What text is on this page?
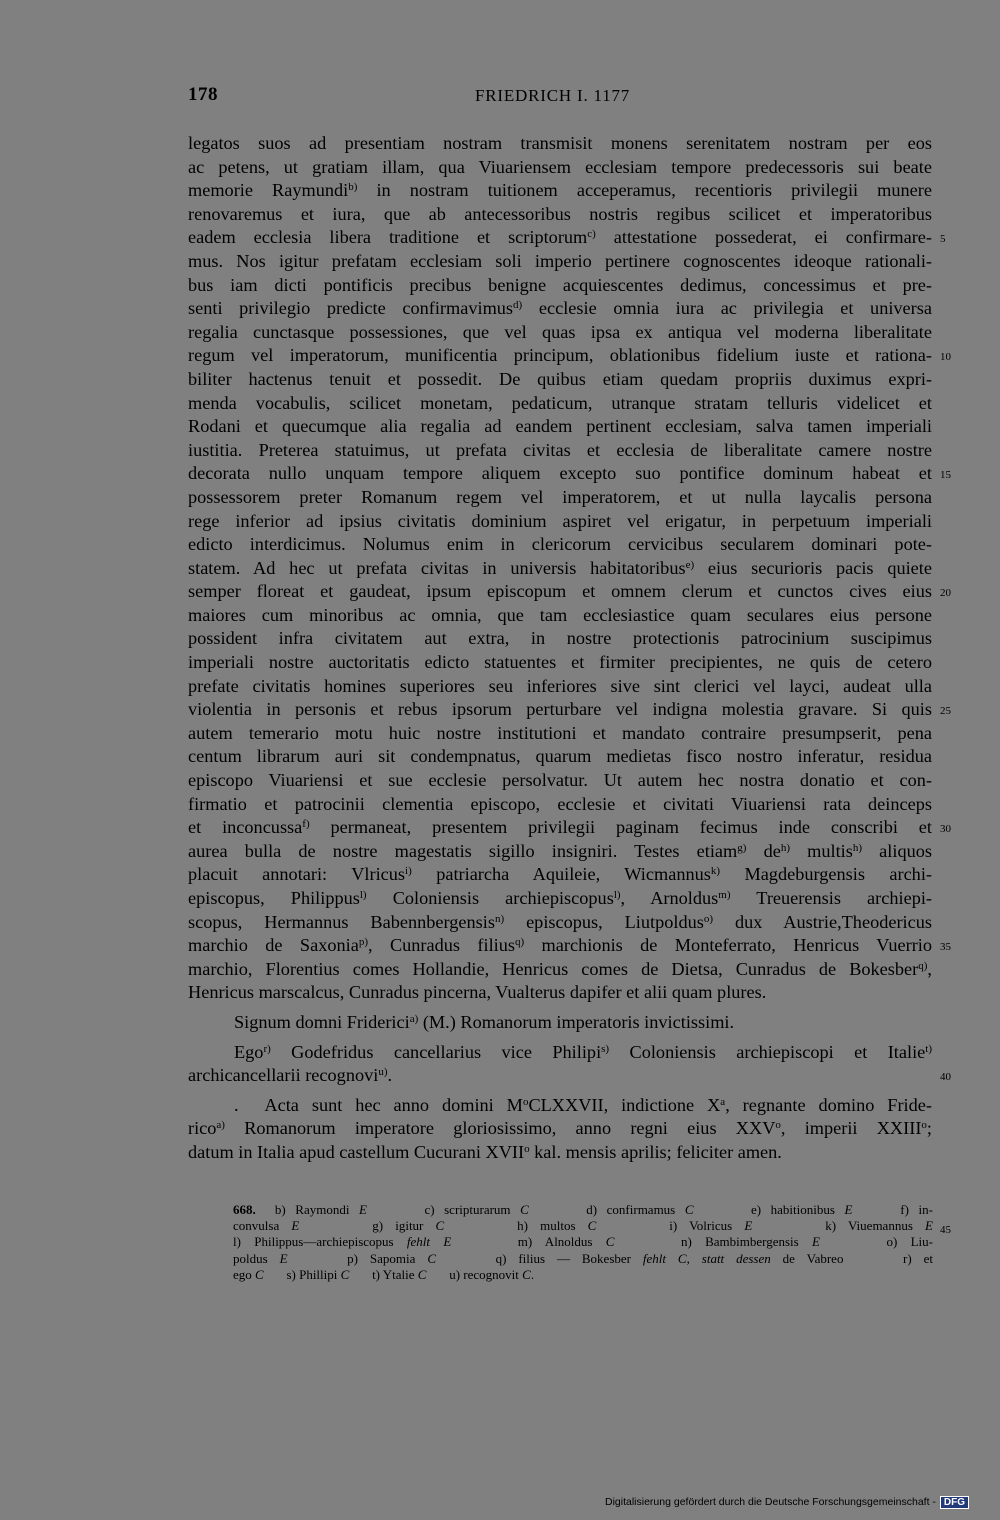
178	FRIEDRICH I. 1177
legatos suos ad presentiam nostram transmisit monens serenitatem nostram per eos
ac petens, ut gratiam illam, qua Viuariensem ecclesiam tempore predecessoris sui beate
memorie Raymundi$^{b)}$ in nostram tuitionem acceperamus, recentioris privilegii munere
renovaremus et iura, que ab antecessoribus nostris regibus scilicet et imperatoribus
eadem ecclesia libera traditione et scriptorum$^{c)}$ attestatione possederat, ei confirmare-
mus. Nos igitur prefatam ecclesiam soli imperio pertinere cognoscentes ideoque rationali-
bus iam dicti pontificis precibus benigne acquiescentes dedimus, concessimus et pre-
senti privilegio predicte confirmavimus$^{d)}$ ecclesie omnia iura ac privilegia et universa
regalia cunctasque possessiones, que vel quas ipsa ex antiqua vel moderna liberalitate
regum vel imperatorum, munificentia principum, oblationibus fidelium iuste et rationa-
biliter hactenus tenuit et possedit. De quibus etiam quedam propriis duximus expri-
menda vocabulis, scilicet monetam, pedaticum, utranque stratam telluris videlicet et
Rodani et quecumque alia regalia ad eandem pertinent ecclesiam, salva tamen imperiali
iustitia. Preterea statuimus, ut prefata civitas et ecclesia de liberalitate camere nostre
decorata nullo unquam tempore aliquem excepto suo pontifice dominum habeat et
possessorem preter Romanum regem vel imperatorem, et ut nulla laycalis persona
rege inferior ad ipsius civitatis dominium aspiret vel erigatur, in perpetuum imperiali
edicto interdicimus. Nolumus enim in clericorum cervicibus secularem dominari pote-
statem. Ad hec ut prefata civitas in universis habitatoribus$^{e)}$ eius securioris pacis quiete
semper floreat et gaudeat, ipsum episcopum et omnem clerum et cunctos cives eius
maiores cum minoribus ac omnia, que tam ecclesiastice quam seculares eius persone
possident infra civitatem aut extra, in nostre protectionis patrocinium suscipimus
imperiali nostre auctoritatis edicto statuentes et firmiter precipientes, ne quis de cetero
prefate civitatis homines superiores seu inferiores sive sint clerici vel layci, audeat ulla
violentia in personis et rebus ipsorum perturbare vel indigna molestia gravare. Si quis
autem temerario motu huic nostre institutioni et mandato contraire presumpserit, pena
centum librarum auri sit condempnatus, quarum medietas fisco nostro inferatur, residua
episcopo Viuariensi et sue ecclesie persolvatur. Ut autem hec nostra donatio et con-
firmatio et patrocinii clementia episcopo, ecclesie et civitati Viuariensi rata deinceps
et inconcussa$^{f)}$ permaneat, presentem privilegii paginam fecimus inde conscribi et
aurea bulla de nostre magestatis sigillo insigniri. Testes etiam$^{g)}$ $de^{h)}$ multis$^{h)}$ aliquos
placuit annotari: Vlricus$^{i)}$ patriarcha Aquileie, Wicmannus$^{k)}$ Magdeburgensis archi-
episcopus, Philippus$^{l)}$ Coloniensis archiepiscopus$^{l)}$, Arnoldus$^{m)}$ Treuerensis archiepi-
scopus, Hermannus Babennbergensis$^{n)}$ episcopus, Liutpoldus$^{o)}$ dux Austrie,Theodericus
marchio de Saxonia$^{p)}$, Cunradus filius$^{q)}$ marchionis de Monteferrato, Henricus Vuerrio
marchio, Florentius comes Hollandie, Henricus comes de Dietsa, Cunradus de Bokesber$^{q)}$,
Henricus marscalcus, Cunradus pincerna, Vualterus dapifer et alii quam plures.
Signum domni Friderici$^{a)}$ (M.) Romanorum imperatoris invictissimi.
Ego$^{r)}$ Godefridus cancellarius vice Philipi$^{s)}$ Coloniensis archiepiscopi et Italie$^{t)}$
archicancellarii recognovi$^{u)}$.
.  Acta sunt hec anno domini $M^oCLXXVII$, indictione $X^a$, regnante domino Fride-
rico$^{a)}$ Romanorum imperatore gloriosissimo, anno regni eius XXV$^o$, imperii XXIII$^o$;
datum in Italia apud castellum Cucurani XVII$^o$ kal. mensis aprilis; feliciter amen.
5
10
15
20
25
30
35
40
45
668.  b) Raymondi E      c) scripturarum C      d) confirmamus C      e) habitionibus E     f) in-
convulsa E      g) igitur C      h) multos C      i) Volricus E      k) Viuemannus E
l) Philippus—archiepiscopus fehlt E     m) Alnoldus C     n) Bambimbergensis E     o) Liu-
poldus E     p) Sapomia C     q) filius — Bokesber fehlt C, statt dessen de Vabreo     r) et
ego C       s) Phillipi C       t) Ytalie C       u) recognovit C.
Digitalisierung gefördert durch die Deutsche Forschungsgemeinschaft - DFG
